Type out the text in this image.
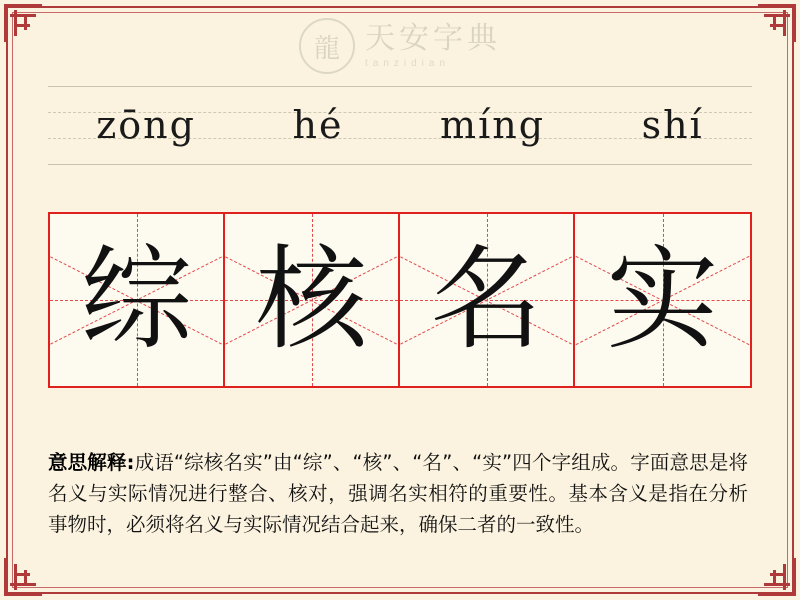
龍 天安字典
tanzidian
zōng	hé	míng	shí
综 核 名 实
意思解释:成语“综核名实”由“综”、“核”、“名”、“实”四个字组成。字面意思是将名义与实际情况进行整合、核对，强调名实相符的重要性。基本含义是指在分析事物时，必须将名义与实际情况结合起来，确保二者的一致性。
